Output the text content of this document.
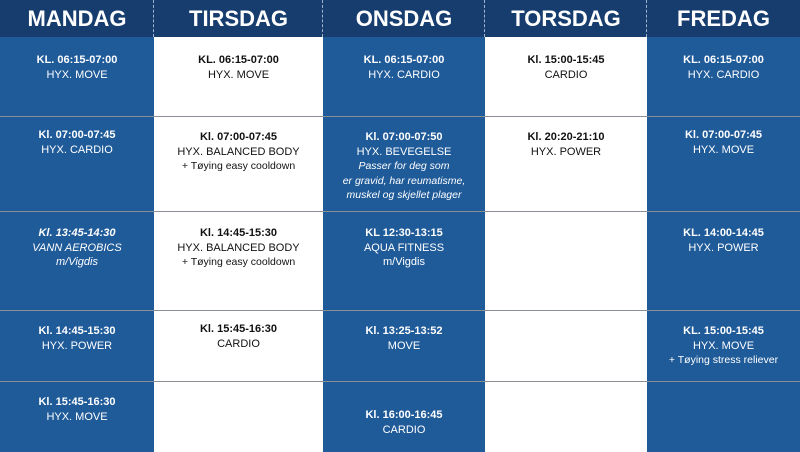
MANDAG
KL. 06:15-07:00
HYX. MOVE
Kl. 07:00-07:45
HYX. CARDIO
Kl. 13:45-14:30
VANN AEROBICS
m/Vigdis
Kl. 14:45-15:30
HYX. POWER
Kl. 15:45-16:30
HYX. MOVE
TIRSDAG
KL. 06:15-07:00
HYX. MOVE
Kl. 07:00-07:45
HYX. BALANCED BODY
+ Tøying easy cooldown
Kl. 14:45-15:30
HYX. BALANCED BODY
+ Tøying easy cooldown
Kl. 15:45-16:30
CARDIO
ONSDAG
KL. 06:15-07:00
HYX. CARDIO
Kl. 07:00-07:50
HYX. BEVEGELSE
Passer for deg som
er gravid, har reumatisme,
muskel og skjellet plager
KL 12:30-13:15
AQUA FITNESS
m/Vigdis
Kl. 13:25-13:52
MOVE
Kl. 16:00-16:45
CARDIO
TORSDAG
Kl. 15:00-15:45
CARDIO
Kl. 20:20-21:10
HYX. POWER
FREDAG
KL. 06:15-07:00
HYX. CARDIO
Kl. 07:00-07:45
HYX. MOVE
KL. 14:00-14:45
HYX. POWER
KL. 15:00-15:45
HYX. MOVE
+ Tøying stress reliever
